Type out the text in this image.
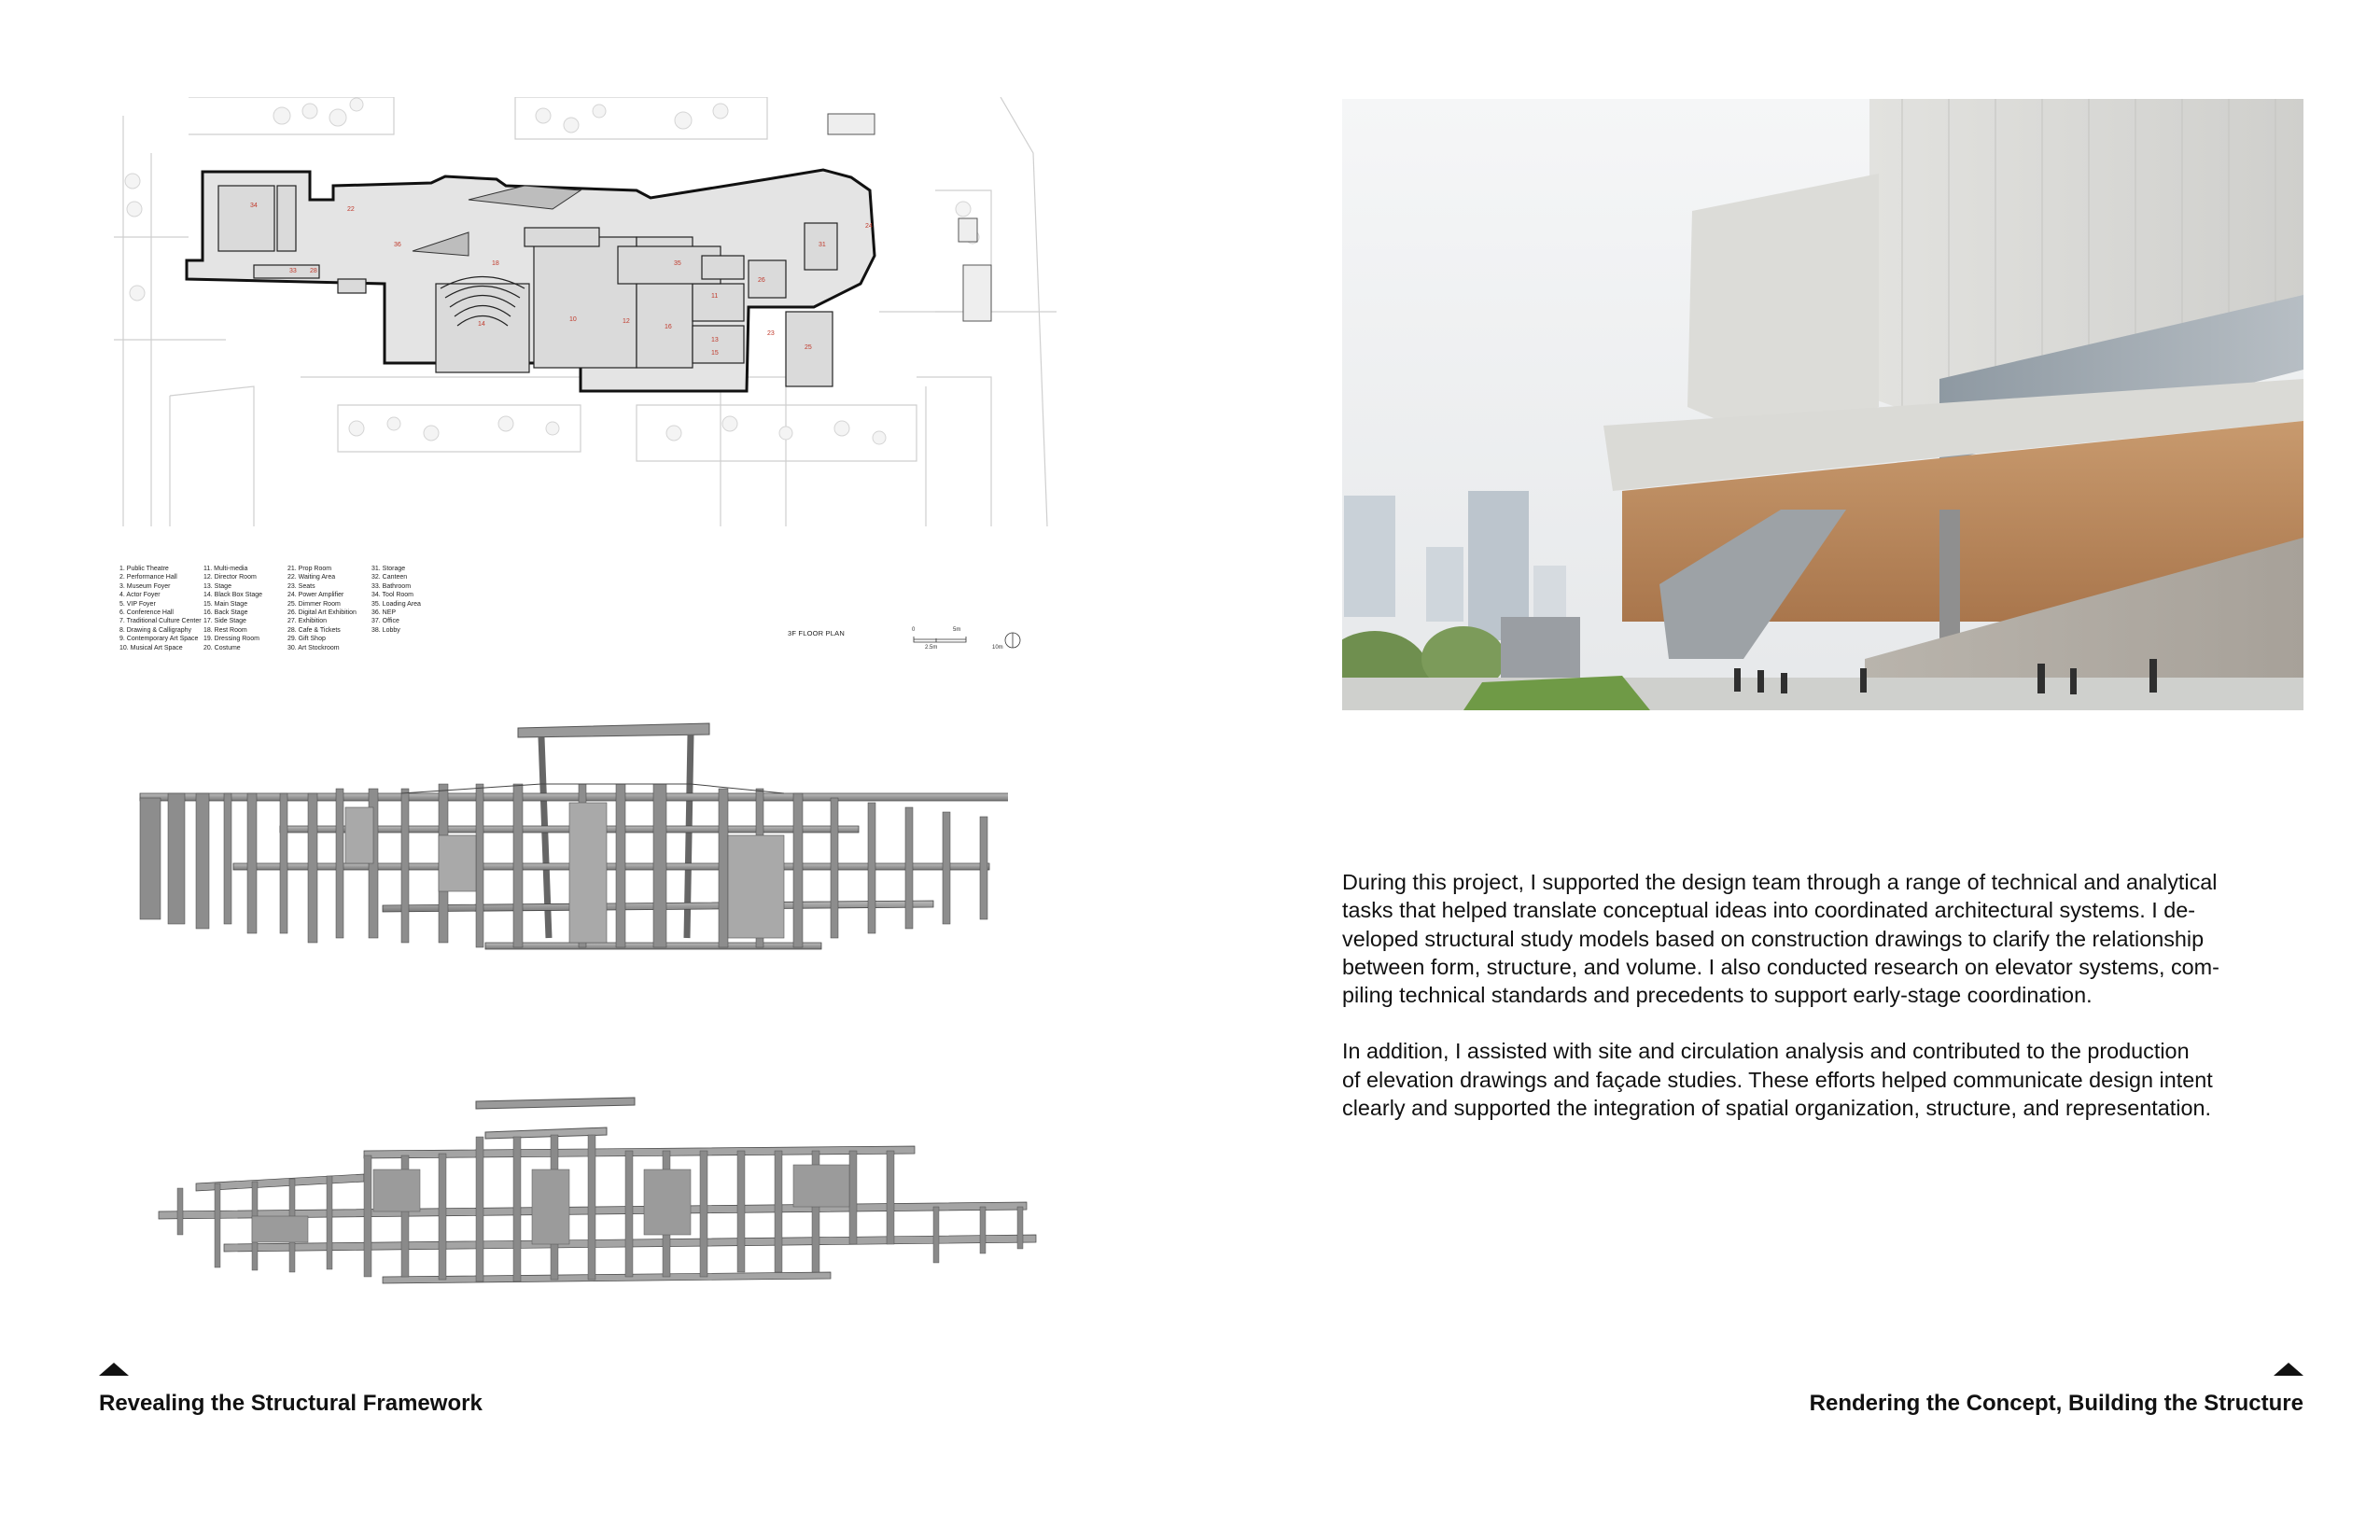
34
22
36
18
14
33 28
35
24
10	12
16
11
13
15
31
26
23
25
1. Public Theatre
2. Performance Hall
3. Museum Foyer
4. Actor Foyer
5. VIP Foyer
6. Conference Hall
7. Traditional Culture Center
8. Drawing & Calligraphy
9. Contemporary Art Space
10. Musical Art Space
11. Multi-media
12. Director Room
13. Stage
14. Black Box Stage
15. Main Stage
16. Back Stage
17. Side Stage
18. Rest Room
19. Dressing Room
20. Costume
21. Prop Room
22. Waiting Area
23. Seats
24. Power Amplifier
25. Dimmer Room
26. Digital Art Exhibition
27. Exhibition
28. Cafe & Tickets
29. Gift Shop
30. Art Stockroom
31. Storage
32. Canteen
33. Bathroom
34. Tool Room
35. Loading Area
36. NEP
37. Office
38. Lobby	3F FLOOR PLAN	0	5m
2.5m	10m

During this project, I supported the design team through a range of technical and analytical
tasks that helped translate conceptual ideas into coordinated architectural systems. I de-
veloped structural study models based on construction drawings to clarify the relationship
between form, structure, and volume. I also conducted research on elevator systems, com-
piling technical standards and precedents to support early-stage coordination.

In addition, I assisted with site and circulation analysis and contributed to the production
of elevation drawings and façade studies. These efforts helped communicate design intent
clearly and supported the integration of spatial organization, structure, and representation.

Revealing the Structural Framework	Rendering the Concept, Building the Structure
